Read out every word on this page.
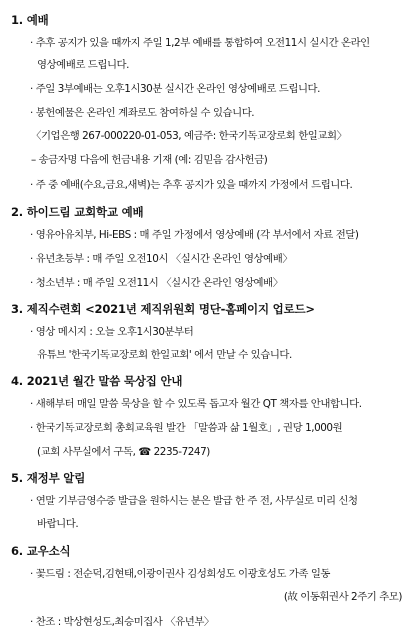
1. 예배
· 추후 공지가 있을 때까지 주일 1,2부 예배를 통합하여 오전11시 실시간 온라인
영상예배로 드립니다.
· 주일 3부예배는 오후1시30분 실시간 온라인 영상예배로 드립니다.
· 봉헌예물은 온라인 계좌로도 참여하실 수 있습니다.
〈기업은행 267-000220-01-053, 예금주: 한국기독교장로회 한일교회〉
– 송금자명 다음에 헌금내용 기재 (예: 김믿음 감사헌금)
· 주 중 예배(수요,금요,새벽)는 추후 공지가 있을 때까지 가정에서 드립니다.
2. 하이드림 교회학교 예배
· 영유아유치부, Hi-EBS : 매 주일 가정에서 영상예배 (각 부서에서 자료 전달)
· 유년초등부 : 매 주일 오전10시 〈실시간 온라인 영상예배〉
· 청소년부 : 매 주일 오전11시 〈실시간 온라인 영상예배〉
3. 제직수련회 <2021년 제직위원회 명단-홈페이지 업로드>
· 영상 메시지 : 오늘 오후1시30분부터
유튜브 '한국기독교장로회 한일교회' 에서 만날 수 있습니다.
4. 2021년 월간 말씀 묵상집 안내
· 새해부터 매일 말씀 묵상을 할 수 있도록 돕고자 월간 QT 책자를 안내합니다.
· 한국기독교장로회 총회교육원 발간 「말씀과 삶 1월호」, 권당 1,000원
(교회 사무실에서 구독, ☎ 2235-7247)
5. 재정부 알림
· 연말 기부금영수증 발급을 원하시는 분은 발급 한 주 전, 사무실로 미리 신청
바랍니다.
6. 교우소식
· 꽃드림 : 전순덕,김현태,이광이권사 김성희성도 이광호성도 가족 일동
(故 이동휘권사 2주기 추모)
· 찬조 : 박상현성도,최승미집사 〈유년부〉
